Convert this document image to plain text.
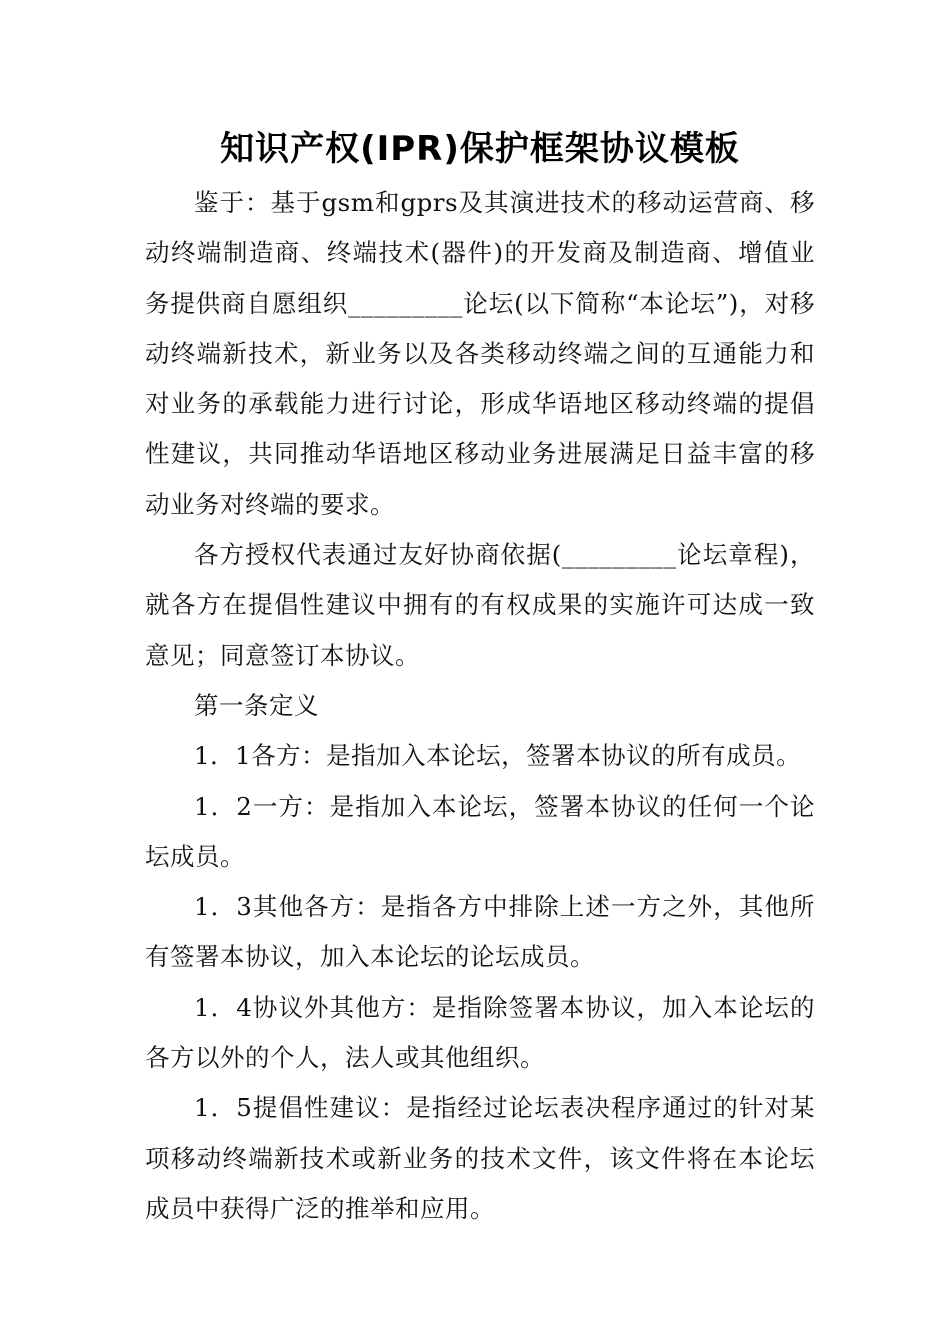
知识产权(IPR)保护框架协议模板

鉴于：基于gsm和gprs及其演进技术的移动运营商、移动终端制造商、终端技术(器件)的开发商及制造商、增值业务提供商自愿组织_________论坛(以下简称“本论坛”)，对移动终端新技术，新业务以及各类移动终端之间的互通能力和对业务的承载能力进行讨论，形成华语地区移动终端的提倡性建议，共同推动华语地区移动业务进展满足日益丰富的移动业务对终端的要求。

各方授权代表通过友好协商依据(_________论坛章程)，就各方在提倡性建议中拥有的有权成果的实施许可达成一致意见；同意签订本协议。

第一条定义

1．1各方：是指加入本论坛，签署本协议的所有成员。

1．2一方：是指加入本论坛，签署本协议的任何一个论坛成员。

1．3其他各方：是指各方中排除上述一方之外，其他所有签署本协议，加入本论坛的论坛成员。

1．4协议外其他方：是指除签署本协议，加入本论坛的各方以外的个人，法人或其他组织。

1．5提倡性建议：是指经过论坛表决程序通过的针对某项移动终端新技术或新业务的技术文件，该文件将在本论坛成员中获得广泛的推举和应用。
